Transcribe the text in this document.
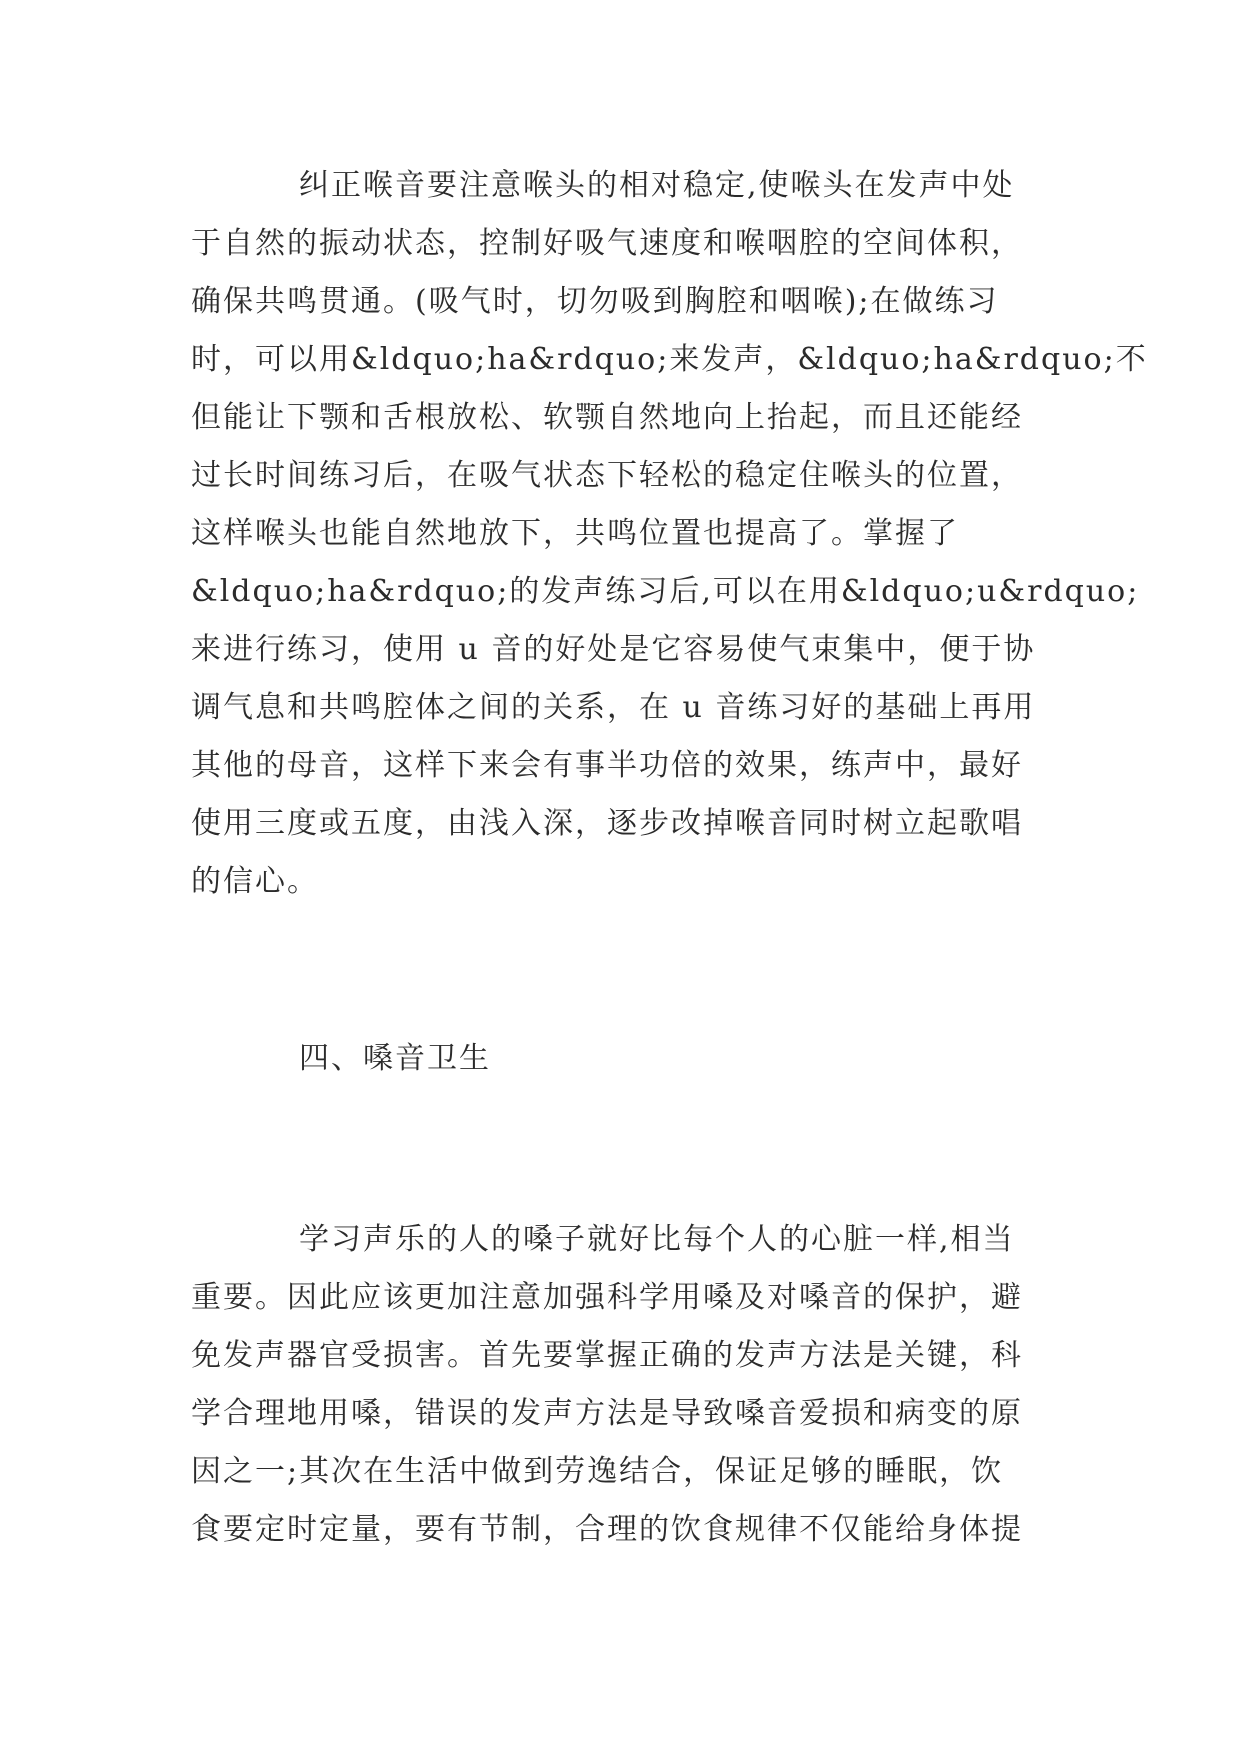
纠正喉音要注意喉头的相对稳定,使喉头在发声中处
于自然的振动状态，控制好吸气速度和喉咽腔的空间体积，
确保共鸣贯通。(吸气时，切勿吸到胸腔和咽喉);在做练习
时，可以用&ldquo;ha&rdquo;来发声，&ldquo;ha&rdquo;不
但能让下颚和舌根放松、软颚自然地向上抬起，而且还能经
过长时间练习后，在吸气状态下轻松的稳定住喉头的位置，
这样喉头也能自然地放下，共鸣位置也提高了。掌握了
&ldquo;ha&rdquo;的发声练习后,可以在用&ldquo;u&rdquo;
来进行练习，使用 u 音的好处是它容易使气束集中，便于协
调气息和共鸣腔体之间的关系，在 u 音练习好的基础上再用
其他的母音，这样下来会有事半功倍的效果，练声中，最好
使用三度或五度，由浅入深，逐步改掉喉音同时树立起歌唱
的信心。
四、嗓音卫生
学习声乐的人的嗓子就好比每个人的心脏一样,相当
重要。因此应该更加注意加强科学用嗓及对嗓音的保护，避
免发声器官受损害。首先要掌握正确的发声方法是关键，科
学合理地用嗓，错误的发声方法是导致嗓音爱损和病变的原
因之一;其次在生活中做到劳逸结合，保证足够的睡眠，饮
食要定时定量，要有节制，合理的饮食规律不仅能给身体提
